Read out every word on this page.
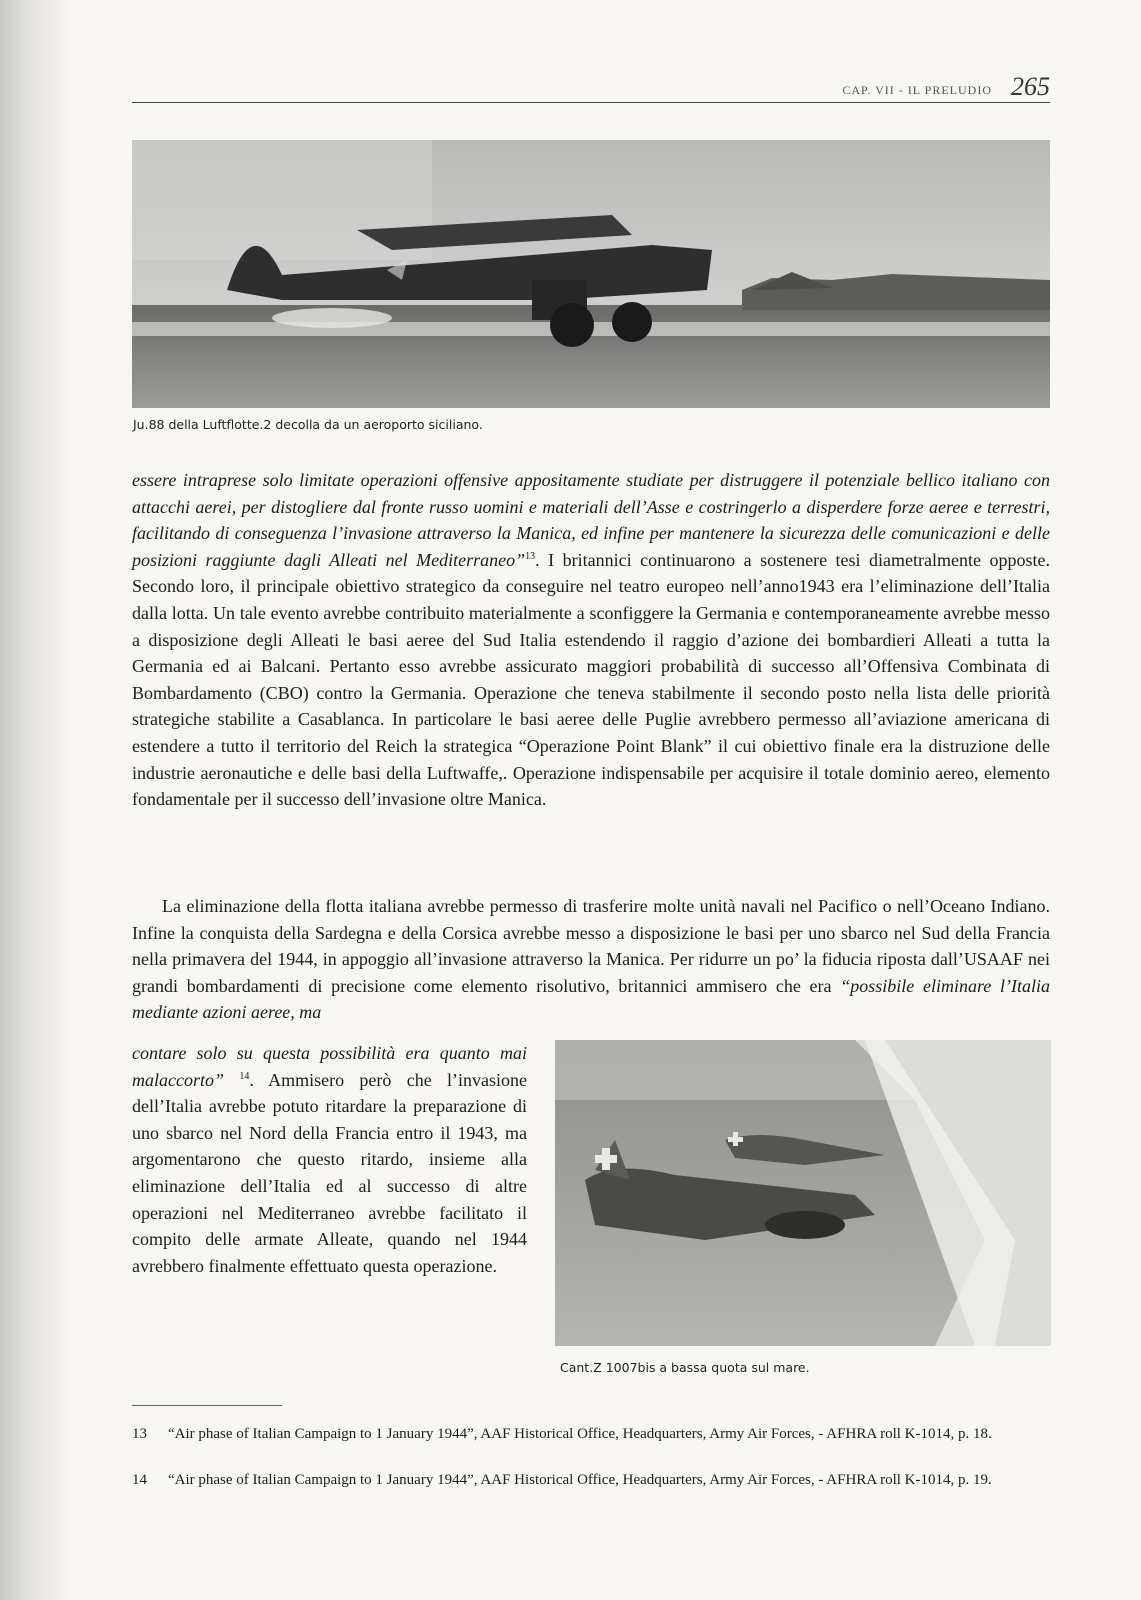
CAP. VII - IL PRELUDIO 265
Ju.88 della Luftflotte.2 decolla da un aeroporto siciliano.
essere intraprese solo limitate operazioni offensive appositamente studiate per distruggere il potenziale bellico italiano con attacchi aerei, per distogliere dal fronte russo uomini e materiali dell’Asse e costringerlo a disperdere forze aeree e terrestri, facilitando di conseguenza l’invasione attraverso la Manica, ed infine per mantenere la sicurezza delle comunicazioni e delle posizioni raggiunte dagli Alleati nel Mediterraneo”$^{13}$. I britannici continuarono a sostenere tesi diametralmente opposte. Secondo loro, il principale obiettivo strategico da conseguire nel teatro europeo nell’anno1943 era l’eliminazione dell’Italia dalla lotta. Un tale evento avrebbe contribuito materialmente a sconfiggere la Germania e contemporaneamente avrebbe messo a disposizione degli Alleati le basi aeree del Sud Italia estendendo il raggio d’azione dei bombardieri Alleati a tutta la Germania ed ai Balcani. Pertanto esso avrebbe assicurato maggiori probabilità di successo all’Offensiva Combinata di Bombardamento (CBO) contro la Germania. Operazione che teneva stabilmente il secondo posto nella lista delle priorità strategiche stabilite a Casablanca. In particolare le basi aeree delle Puglie avrebbero permesso all’aviazione americana di estendere a tutto il territorio del Reich la strategica “Operazione Point Blank” il cui obiettivo finale era la distruzione delle industrie aeronautiche e delle basi della Luftwaffe,. Operazione indispensabile per acquisire il totale dominio aereo, elemento fondamentale per il successo dell’invasione oltre Manica.
La eliminazione della flotta italiana avrebbe permesso di trasferire molte unità navali nel Pacifico o nell’Oceano Indiano. Infine la conquista della Sardegna e della Corsica avrebbe messo a disposizione le basi per uno sbarco nel Sud della Francia nella primavera del 1944, in appoggio all’invasione attraverso la Manica. Per ridurre un po’ la fiducia riposta dall’USAAF nei grandi bombardamenti di precisione come elemento risolutivo, britannici ammisero che era “possibile eliminare l’Italia mediante azioni aeree, ma
contare solo su questa possibilità era quanto mai malaccorto” $^{14}$. Ammisero però che l’invasione dell’Italia avrebbe potuto ritardare la preparazione di uno sbarco nel Nord della Francia entro il 1943, ma argomentarono che questo ritardo, insieme alla eliminazione dell’Italia ed al successo di altre operazioni nel Mediterraneo avrebbe facilitato il compito delle armate Alleate, quando nel 1944 avrebbero finalmente effettuato questa operazione.
Cant.Z 1007bis a bassa quota sul mare.
13 “Air phase of Italian Campaign to 1 January 1944”, AAF Historical Office, Headquarters, Army Air Forces, - AFHRA roll K-1014, p. 18.
14 “Air phase of Italian Campaign to 1 January 1944”, AAF Historical Office, Headquarters, Army Air Forces, - AFHRA roll K-1014, p. 19.
